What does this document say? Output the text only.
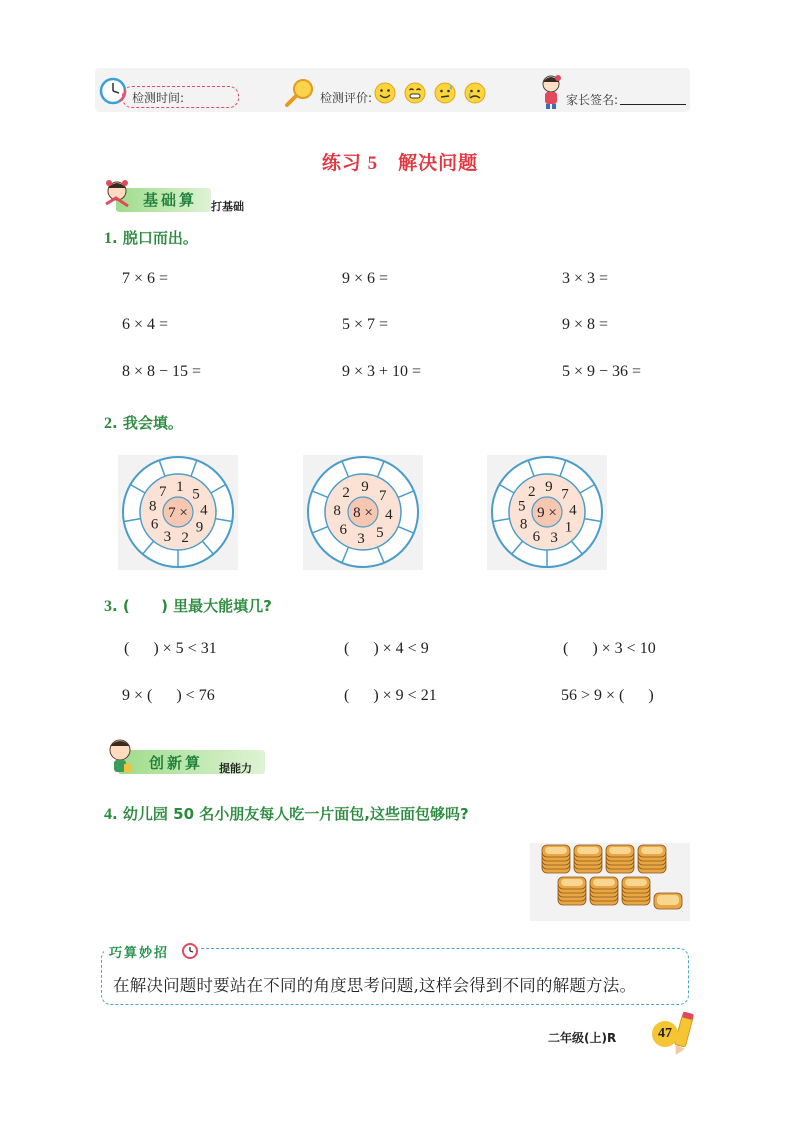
检测时间:	检测评价:	家长签名:
练习 5 解决问题
基础算 打基础
1. 脱口而出。
7 × 6 =	9 × 6 =	3 × 3 =
6 × 4 =	5 × 7 =	9 × 8 =
8 × 8 − 15 =	9 × 3 + 10 =	5 × 9 − 36 =
2. 我会填。
7 ×
1 5
4
9
2
3
6
8
7
8 ×
9
7
4
5
3
6
8
2
9 ×
9 7
4
1
3
6
8
5
2
3. (      ) 里最大能填几?
(      ) × 5 < 31	(      ) × 4 < 9	(      ) × 3 < 10
9 × (      ) < 76	(      ) × 9 < 21	56 > 9 × (      )
创新算 提能力
4. 幼儿园 50 名小朋友每人吃一片面包,这些面包够吗?
巧算妙招
在解决问题时要站在不同的角度思考问题,这样会得到不同的解题方法。
二年级(上)R	47
